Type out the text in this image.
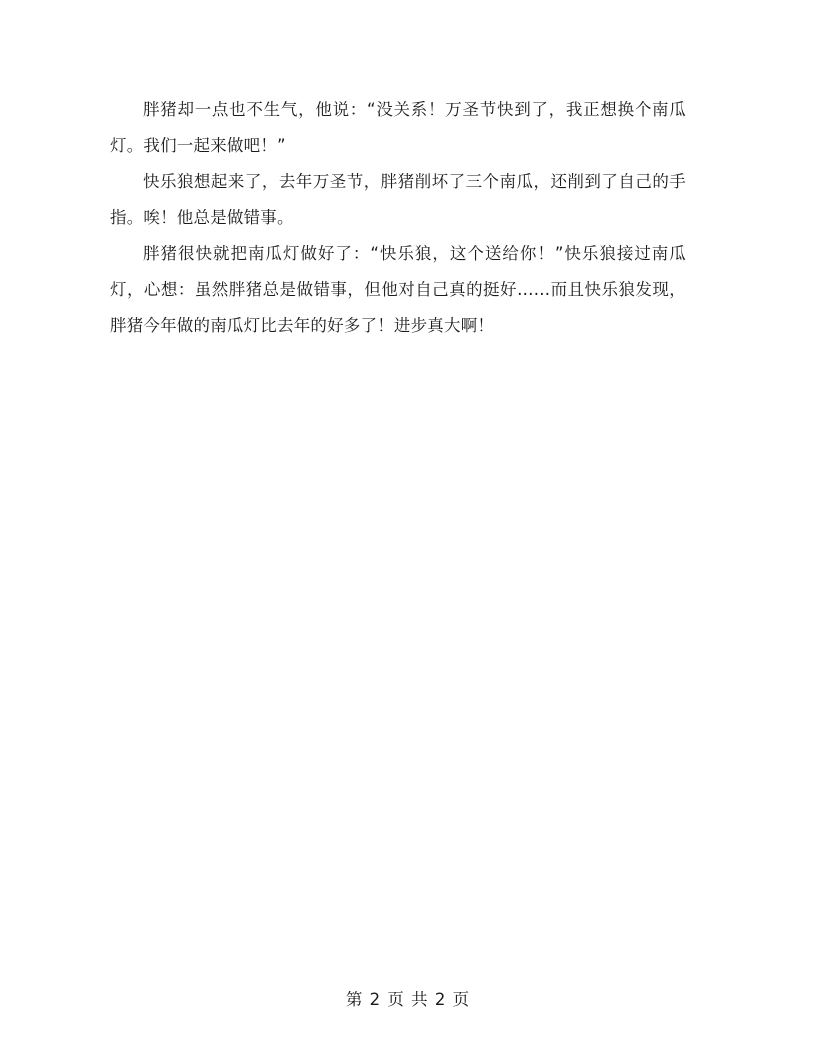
胖猪却一点也不生气，他说：“没关系！万圣节快到了，我正想换个南瓜灯。我们一起来做吧！”

快乐狼想起来了，去年万圣节，胖猪削坏了三个南瓜，还削到了自己的手指。唉！他总是做错事。

胖猪很快就把南瓜灯做好了：“快乐狼，这个送给你！”快乐狼接过南瓜灯，心想：虽然胖猪总是做错事，但他对自己真的挺好……而且快乐狼发现，胖猪今年做的南瓜灯比去年的好多了！进步真大啊！

第 2 页 共 2 页
